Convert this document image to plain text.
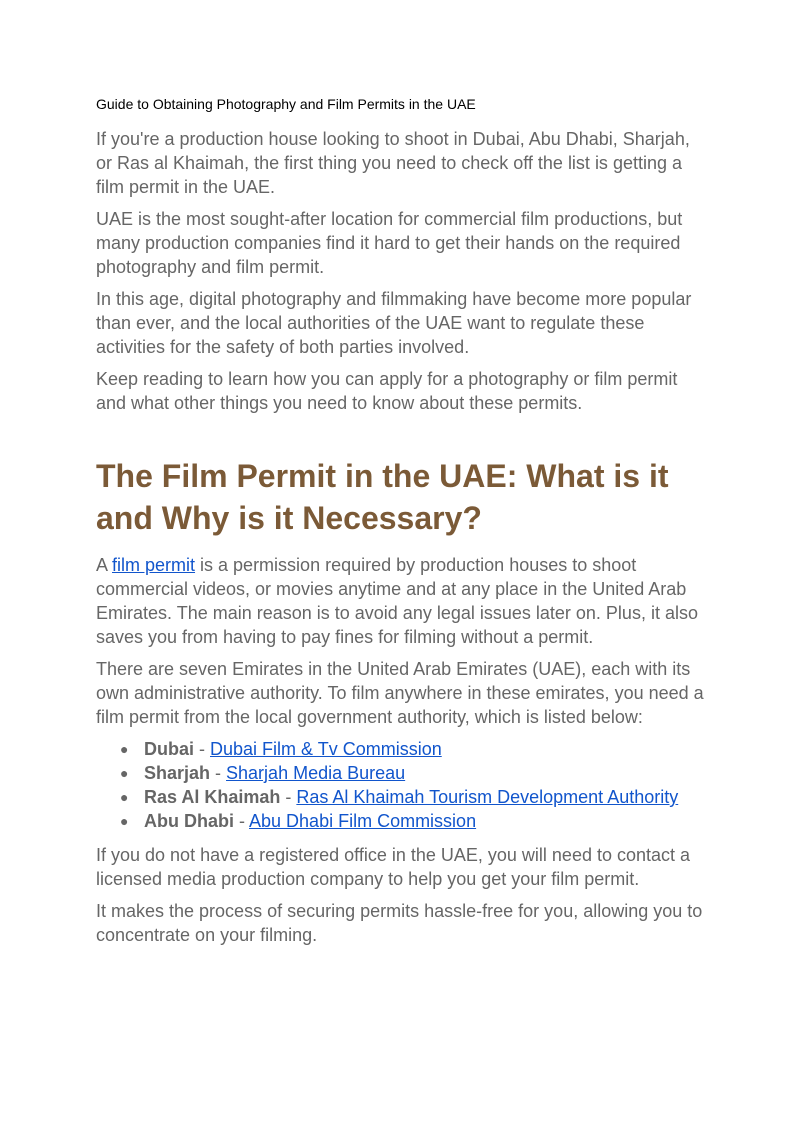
Guide to Obtaining Photography and Film Permits in the UAE

If you're a production house looking to shoot in Dubai, Abu Dhabi, Sharjah, or Ras al Khaimah, the first thing you need to check off the list is getting a film permit in the UAE.

UAE is the most sought-after location for commercial film productions, but many production companies find it hard to get their hands on the required photography and film permit.

In this age, digital photography and filmmaking have become more popular than ever, and the local authorities of the UAE want to regulate these activities for the safety of both parties involved.

Keep reading to learn how you can apply for a photography or film permit and what other things you need to know about these permits.

The Film Permit in the UAE: What is it and Why is it Necessary?

A film permit is a permission required by production houses to shoot commercial videos, or movies anytime and at any place in the United Arab Emirates. The main reason is to avoid any legal issues later on. Plus, it also saves you from having to pay fines for filming without a permit.

There are seven Emirates in the United Arab Emirates (UAE), each with its own administrative authority. To film anywhere in these emirates, you need a film permit from the local government authority, which is listed below:

● Dubai - Dubai Film & Tv Commission
● Sharjah - Sharjah Media Bureau
● Ras Al Khaimah - Ras Al Khaimah Tourism Development Authority
● Abu Dhabi - Abu Dhabi Film Commission

If you do not have a registered office in the UAE, you will need to contact a licensed media production company to help you get your film permit.

It makes the process of securing permits hassle-free for you, allowing you to concentrate on your filming.
